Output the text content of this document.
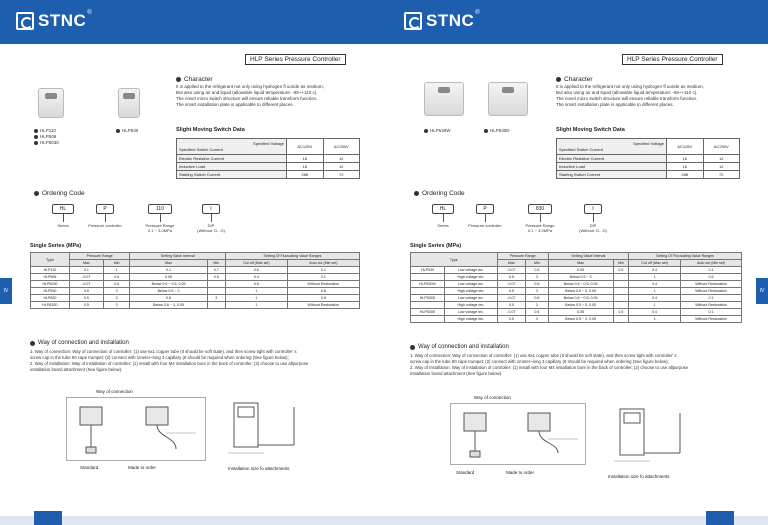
STNC ®
HLP Series Pressure Controller
Character
It is applied to the refrigerant not only using hydrogen fl uoride as medium,
But also using air and liquid (allowable liquid temperature: -65~+110 c).
The novel micro switch structure will ensure reliable transform function.
The smart installation plate is applicable to different places.
HLP110
HLP506
HLP5030
HLP530	Slight Moving Switch Data
Specified Voltage
Specified Switch Current	AC125V	AC250V
Electric Resistive Current	16	12
Inductive Load	16	12
Starting Switch Current	288	72
Ordering Code
HL	P	110	I
Series	Pressure controller	Pressure Range
0.1 ~ 3.0MPa
DIP
(Without, D...G)
Single Series (MPa)
Type	Pressure Range		Setting Value Interval		Setting Of Fluctuating Value Ranges	
	Max	Min	Max	Min	Cut off (Max set)	Auto cut (Min set)
HLP110	0.1	1	0.1	0.7	0.6	0.1
HLP506	-0.07	0.6	0.05	0.5	0.4	0.1
HLP5030	-0.07	0.6	Below 0.6 ~ 0.5, 0.05		0.5	Without Restoration
HLP530	0.5	3	Below 0.5 ~ 3		1	0.8
HLP830	0.5	3	0.6	3	1	0.8
HLP830D	0.5	3	Below 0.6 ~ 3, 0.05		1	Without Restoration
IV
Way of connection and installation
1. Way of connection: Way of connection of controller: (1) use 6x1 copper tube (It should be soft state), and then screw tight with controller' s
screw cap in the tube 90 cape trumpet; (2) connect with 1meter~long 3 capillary (It should be required when ordering (See figure below);
2. Way of installation: Way of installation of controller: (1) install with four M4 installation bore in the back of controller; (2) choose to use allpurpose
installation board attachment (See figure below).
Way of connection
Standard	Made to order	Installation size fo attachments
STNC ®
HLP Series Pressure Controller
Character
It is applied to the refrigerant not only using hydrogen fl uoride as medium,
But also using air and liquid (allowable liquid temperature: -65~+110 c).
The novel micro switch structure will ensure reliable transform function.
The smart installation plate is applicable to different places.
HLP530W	HLP530D	Slight Moving Switch Data
Specified Voltage
Specified Switch Current	AC125V	AC250V
Electric Resistive Current	16	12
Inductive Load	16	12
Starting Switch Current	288	72
Ordering Code
HL	P	830	I
Series	Pressure controller	Pressure Range
0.1 ~ 3.0MPa
DIP
(Without, D...G)
Single Series (MPa)
Type		Pressure Range		Setting Value Interval		Setting Of Fluctuating Value Ranges	
		Max	Min	Max	Min	Cut off (Max set)	Auto cut (Min set)
HLP530	Low voltage tec.	-0.07	0.6	0.05	0.5	0.4	0.1
	High voltage tec.	0.5	3	Below 0.5 ~ 3		1	0.5
HLP530W	Low voltage tec.	-0.07	0.6	Below 0.6 ~ 0.5, 0.05		0.4	Without Restoration
	High voltage tec.	0.5	3	Below 0.5 ~ 3, 0.05		1	Without Restoration
HLP530D	Low voltage tec.	-0.07	0.6	Below 0.6 ~ 0.5, 0.05		0.4	0.1
	High voltage tec.	0.5	3	Below 0.5 ~ 3, 0.05		1	Without Restoration
HLP530E	Low voltage tec.	-0.07	0.6	0.05	0.5	0.4	0.1
	High voltage tec.	0.5	3	Below 0.5 ~ 3, 0.05		1	Without Restoration
IV
Way of connection and installation
1. Way of connection: Way of connection of controller: (1) use 6x1 copper tube (It should be soft state), and then screw tight with controller' s
screw cap in the tube 90 cape trumpet; (2) connect with 1meter~long 3 capillary (It should be required when ordering (See figure below);
2. Way of installation: Way of installation of controller: (1) install with four M4 installation bore in the back of controller; (2) choose to use allpurpose
installation board attachment (See figure below).
Way of connection
Standard	Made to order
Installation size fo attachments
